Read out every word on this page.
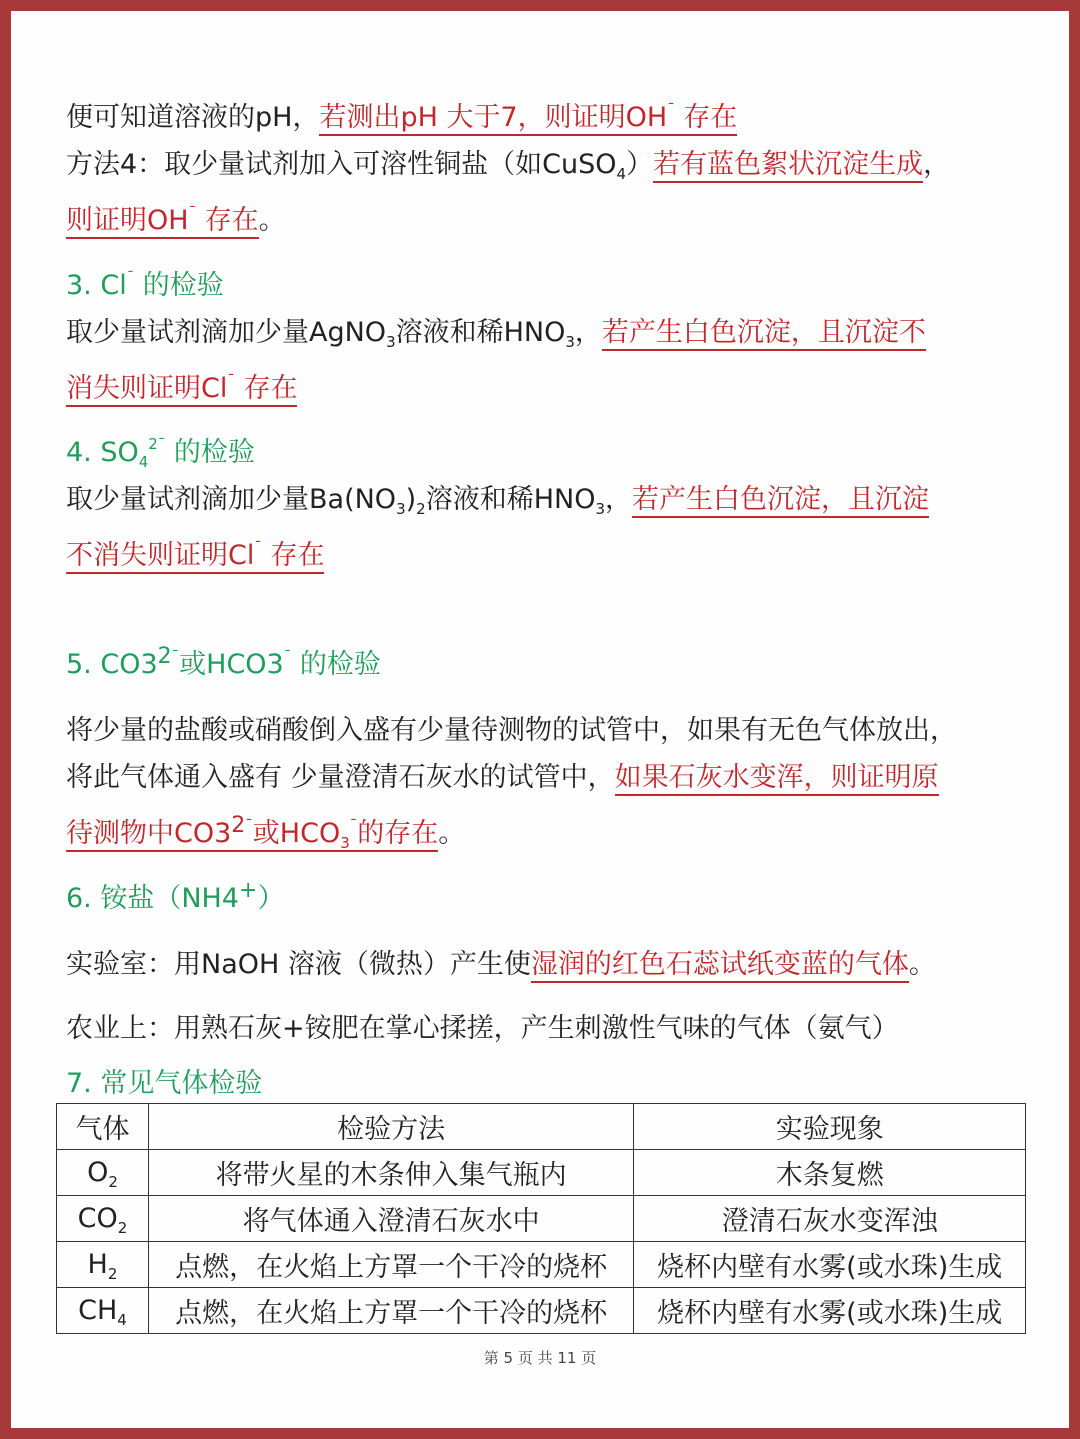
便可知道溶液的pH，若测出pH 大于7，则证明$OH^ˉ$ 存在
方法4：取少量试剂加入可溶性铜盐（如CuSO$_4$）若有蓝色絮状沉淀生成，
则证明$OH^ˉ$ 存在。
3. $Cl^ˉ$ 的检验
取少量试剂滴加少量AgNO$_3$溶液和稀$HNO_3$，若产生白色沉淀，且沉淀不
消失则证明$Cl^ˉ$ 存在
4. $SO_4^{2ˉ}$ 的检验
取少量试剂滴加少量$Ba(NO_3)_2$溶液和稀$HNO_3$，若产生白色沉淀，且沉淀
不消失则证明$Cl^ˉ$ 存在
5. $CO3^{2ˉ}$或$HCO3^ˉ$ 的检验
将少量的盐酸或硝酸倒入盛有少量待测物的试管中，如果有无色气体放出，
将此气体通入盛有 少量澄清石灰水的试管中，如果石灰水变浑，则证明原
待测物中$CO3^{2ˉ}$或$HCO_3^ˉ$的存在。
6. 铵盐（NH4+）
实验室：用NaOH 溶液（微热）产生使湿润的红色石蕊试纸变蓝的气体。
农业上：用熟石灰+铵肥在掌心揉搓，产生刺激性气味的气体（氨气）
7. 常见气体检验
气体	检验方法	实验现象
$O_2$	将带火星的木条伸入集气瓶内	木条复燃
$CO_2$	将气体通入澄清石灰水中	澄清石灰水变浑浊
$H_2$	点燃，在火焰上方罩一个干冷的烧杯	烧杯内壁有水雾(或水珠)生成
$CH_4$	点燃，在火焰上方罩一个干冷的烧杯	烧杯内壁有水雾(或水珠)生成
第 5 页 共 11 页
